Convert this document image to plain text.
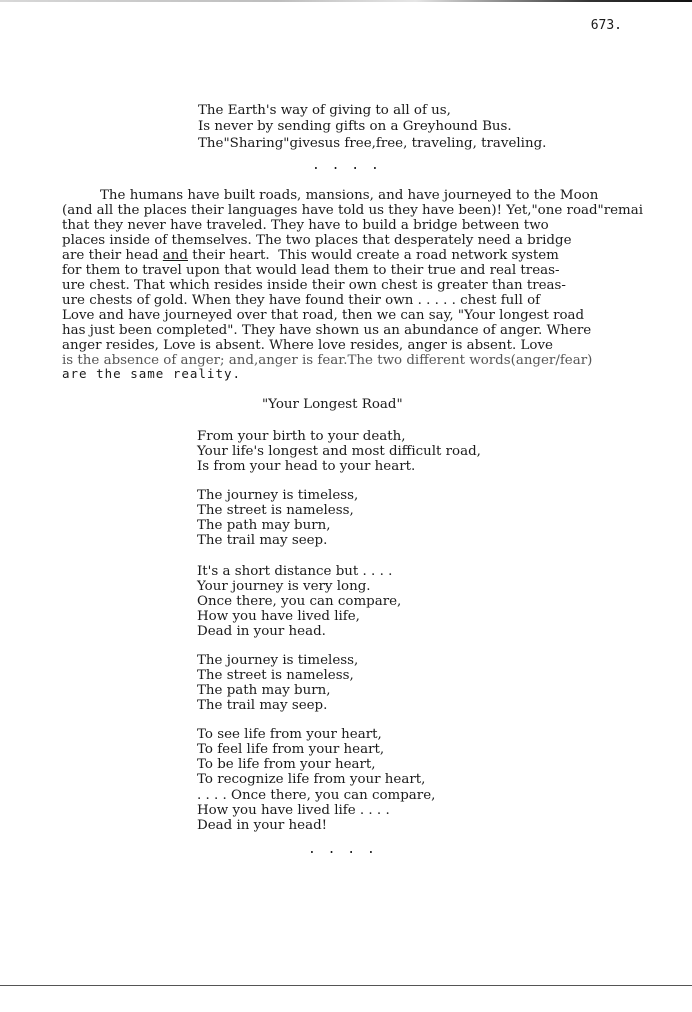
673.
The Earth's way of giving to all of us,
Is never by sending gifts on a Greyhound Bus.
The"Sharing"givesus free,free, traveling, traveling.
. . . .
The humans have built roads, mansions, and have journeyed to the Moon
(and all the places their languages have told us they have been)! Yet,"one road"remai
that they never have traveled. They have to build a bridge between two
places inside of themselves. The two places that desperately need a bridge
are their head and their heart. This would create a road network system
for them to travel upon that would lead them to their true and real treas-
ure chest. That which resides inside their own chest is greater than treas-
ure chests of gold. When they have found their own . . . . . chest full of
Love and have journeyed over that road, then we can say, "Your longest road
has just been completed". They have shown us an abundance of anger. Where
anger resides, Love is absent. Where love resides, anger is absent. Love
is the absence of anger; and,anger is fear.The two different words(anger/fear)
are the same reality.
"Your Longest Road"
From your birth to your death,
Your life's longest and most difficult road,
Is from your head to your heart.
The journey is timeless,
The street is nameless,
The path may burn,
The trail may seep.
It's a short distance but . . . .
Your journey is very long.
Once there, you can compare,
How you have lived life,
Dead in your head.
The journey is timeless,
The street is nameless,
The path may burn,
The trail may seep.
To see life from your heart,
To feel life from your heart,
To be life from your heart,
To recognize life from your heart,
. . . . Once there, you can compare,
How you have lived life . . . .
Dead in your head!
. . . .
